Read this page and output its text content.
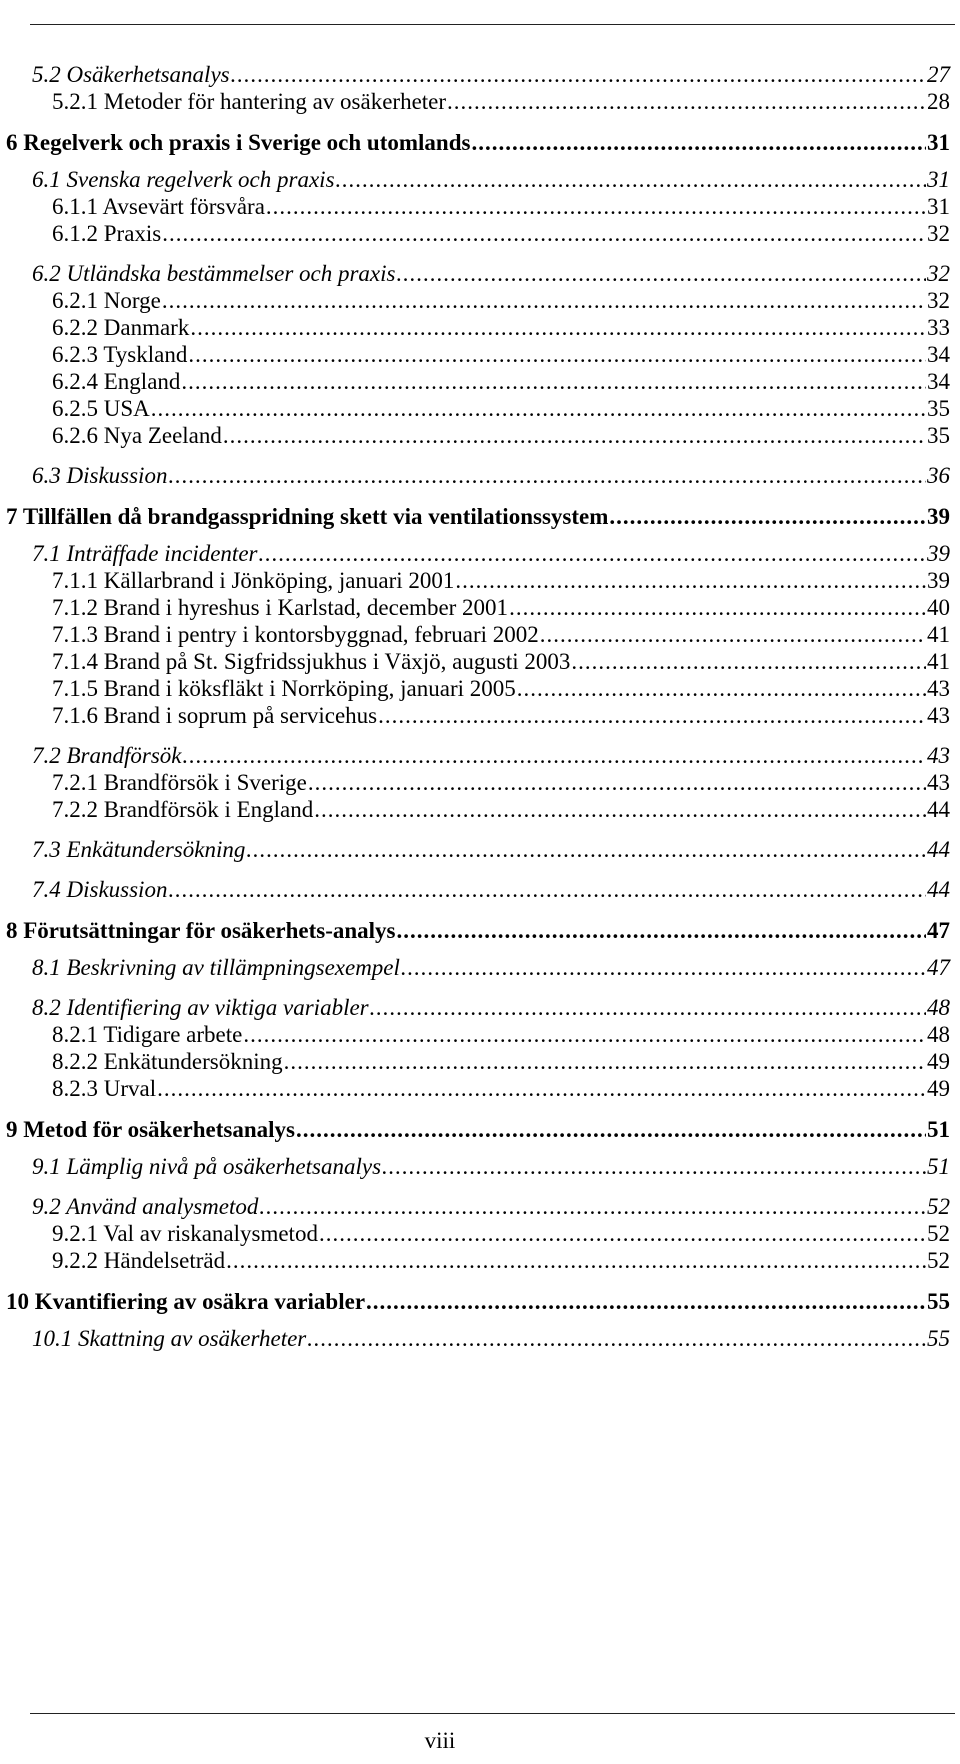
5.2 Osäkerhetsanalys .....	27
5.2.1 Metoder för hantering av osäkerheter .....	28
6 Regelverk och praxis i Sverige och utomlands .....	31
6.1 Svenska regelverk och praxis .....	31
6.1.1 Avsevärt försvåra .....	31
6.1.2 Praxis .....	32
6.2 Utländska bestämmelser och praxis .....	32
6.2.1 Norge .....	32
6.2.2 Danmark .....	33
6.2.3 Tyskland .....	34
6.2.4 England .....	34
6.2.5 USA .....	35
6.2.6 Nya Zeeland .....	35
6.3 Diskussion .....	36
7 Tillfällen då brandgasspridning skett via ventilationssystem .....	39
7.1 Inträffade incidenter .....	39
7.1.1 Källarbrand i Jönköping, januari 2001 .....	39
7.1.2 Brand i hyreshus i Karlstad, december 2001 .....	40
7.1.3 Brand i pentry i kontorsbyggnad, februari 2002 .....	41
7.1.4 Brand på St. Sigfridssjukhus i Växjö, augusti 2003 .....	41
7.1.5 Brand i köksfläkt i Norrköping, januari 2005 .....	43
7.1.6 Brand i soprum på servicehus .....	43
7.2 Brandförsök .....	43
7.2.1 Brandförsök i Sverige .....	43
7.2.2 Brandförsök i England .....	44
7.3 Enkätundersökning .....	44
7.4 Diskussion .....	44
8 Förutsättningar för osäkerhets-analys .....	47
8.1 Beskrivning av tillämpningsexempel .....	47
8.2 Identifiering av viktiga variabler .....	48
8.2.1 Tidigare arbete .....	48
8.2.2 Enkätundersökning .....	49
8.2.3 Urval .....	49
9 Metod för osäkerhetsanalys .....	51
9.1 Lämplig nivå på osäkerhetsanalys .....	51
9.2 Använd analysmetod .....	52
9.2.1 Val av riskanalysmetod .....	52
9.2.2 Händelseträd .....	52
10 Kvantifiering av osäkra variabler .....	55
10.1 Skattning av osäkerheter .....	55
viii
